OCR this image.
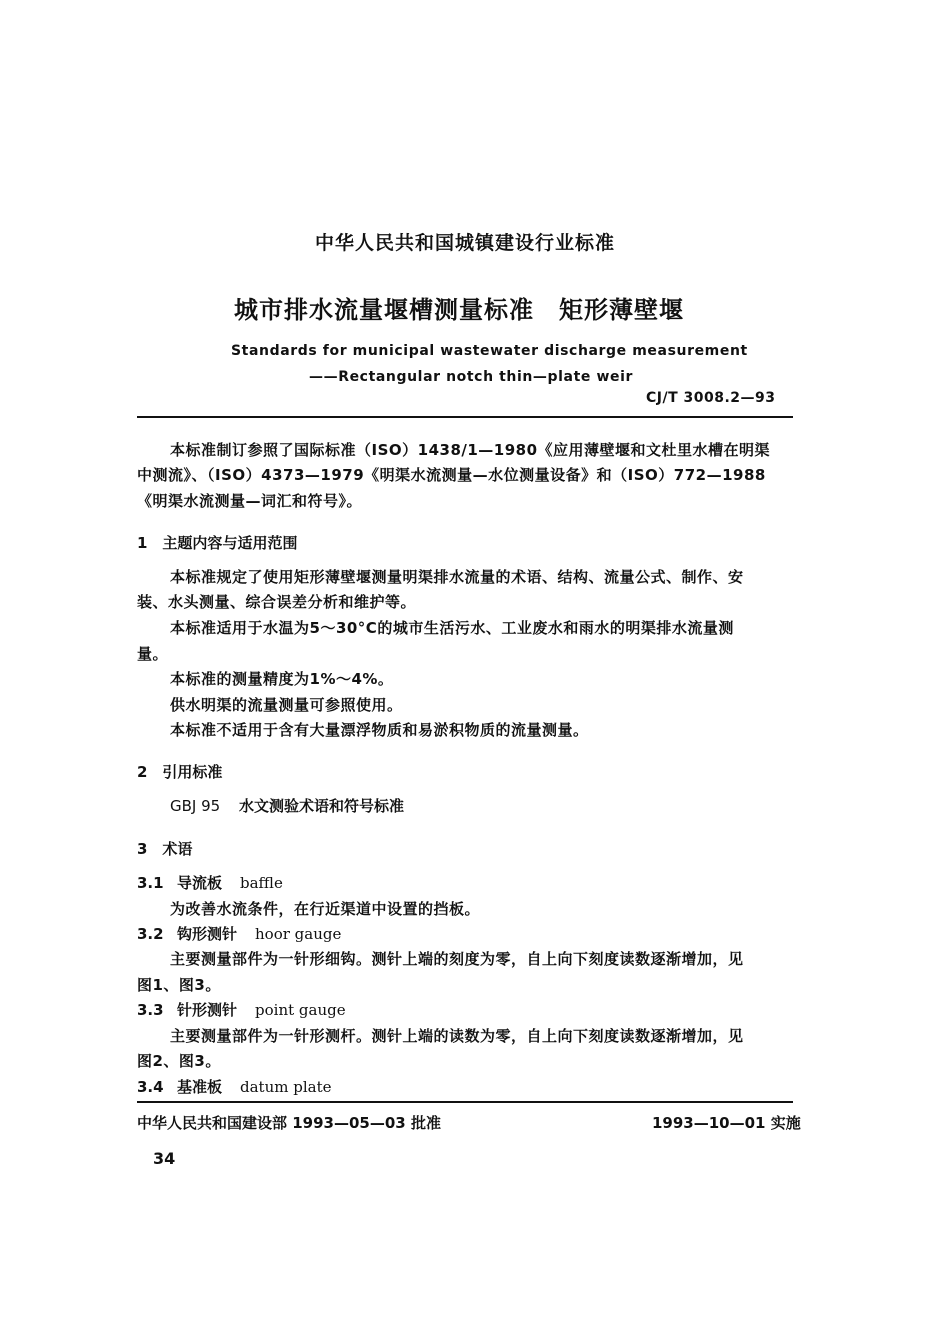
中华人民共和国城镇建设行业标准
城市排水流量堰槽测量标准　矩形薄壁堰
Standards for municipal wastewater discharge measurement
——Rectangular notch thin—plate weir
CJ/T 3008.2—93
本标准制订参照了国际标准（ISO）1438/1—1980《应用薄壁堰和文杜里水槽在明渠
中测流》、（ISO）4373—1979《明渠水流测量—水位测量设备》和（ISO）772—1988
《明渠水流测量—词汇和符号》。
1　主题内容与适用范围
本标准规定了使用矩形薄壁堰测量明渠排水流量的术语、结构、流量公式、制作、安
装、水头测量、综合误差分析和维护等。
本标准适用于水温为5～30°C的城市生活污水、工业废水和雨水的明渠排水流量测
量。
本标准的测量精度为1%～4%。
供水明渠的流量测量可参照使用。
本标准不适用于含有大量漂浮物质和易淤积物质的流量测量。
2　引用标准
GBJ 95 水文测验术语和符号标准
3　术语
3.1 导流板 baffle
为改善水流条件，在行近渠道中设置的挡板。
3.2 钩形测针 hoor gauge
主要测量部件为一针形细钩。测针上端的刻度为零，自上向下刻度读数逐渐增加，见
图1、图3。
3.3 针形测针 point gauge
主要测量部件为一针形测杆。测针上端的读数为零，自上向下刻度读数逐渐增加，见
图2、图3。
3.4 基准板 datum plate
中华人民共和国建设部 1993—05—03 批准	1993—10—01 实施
34
